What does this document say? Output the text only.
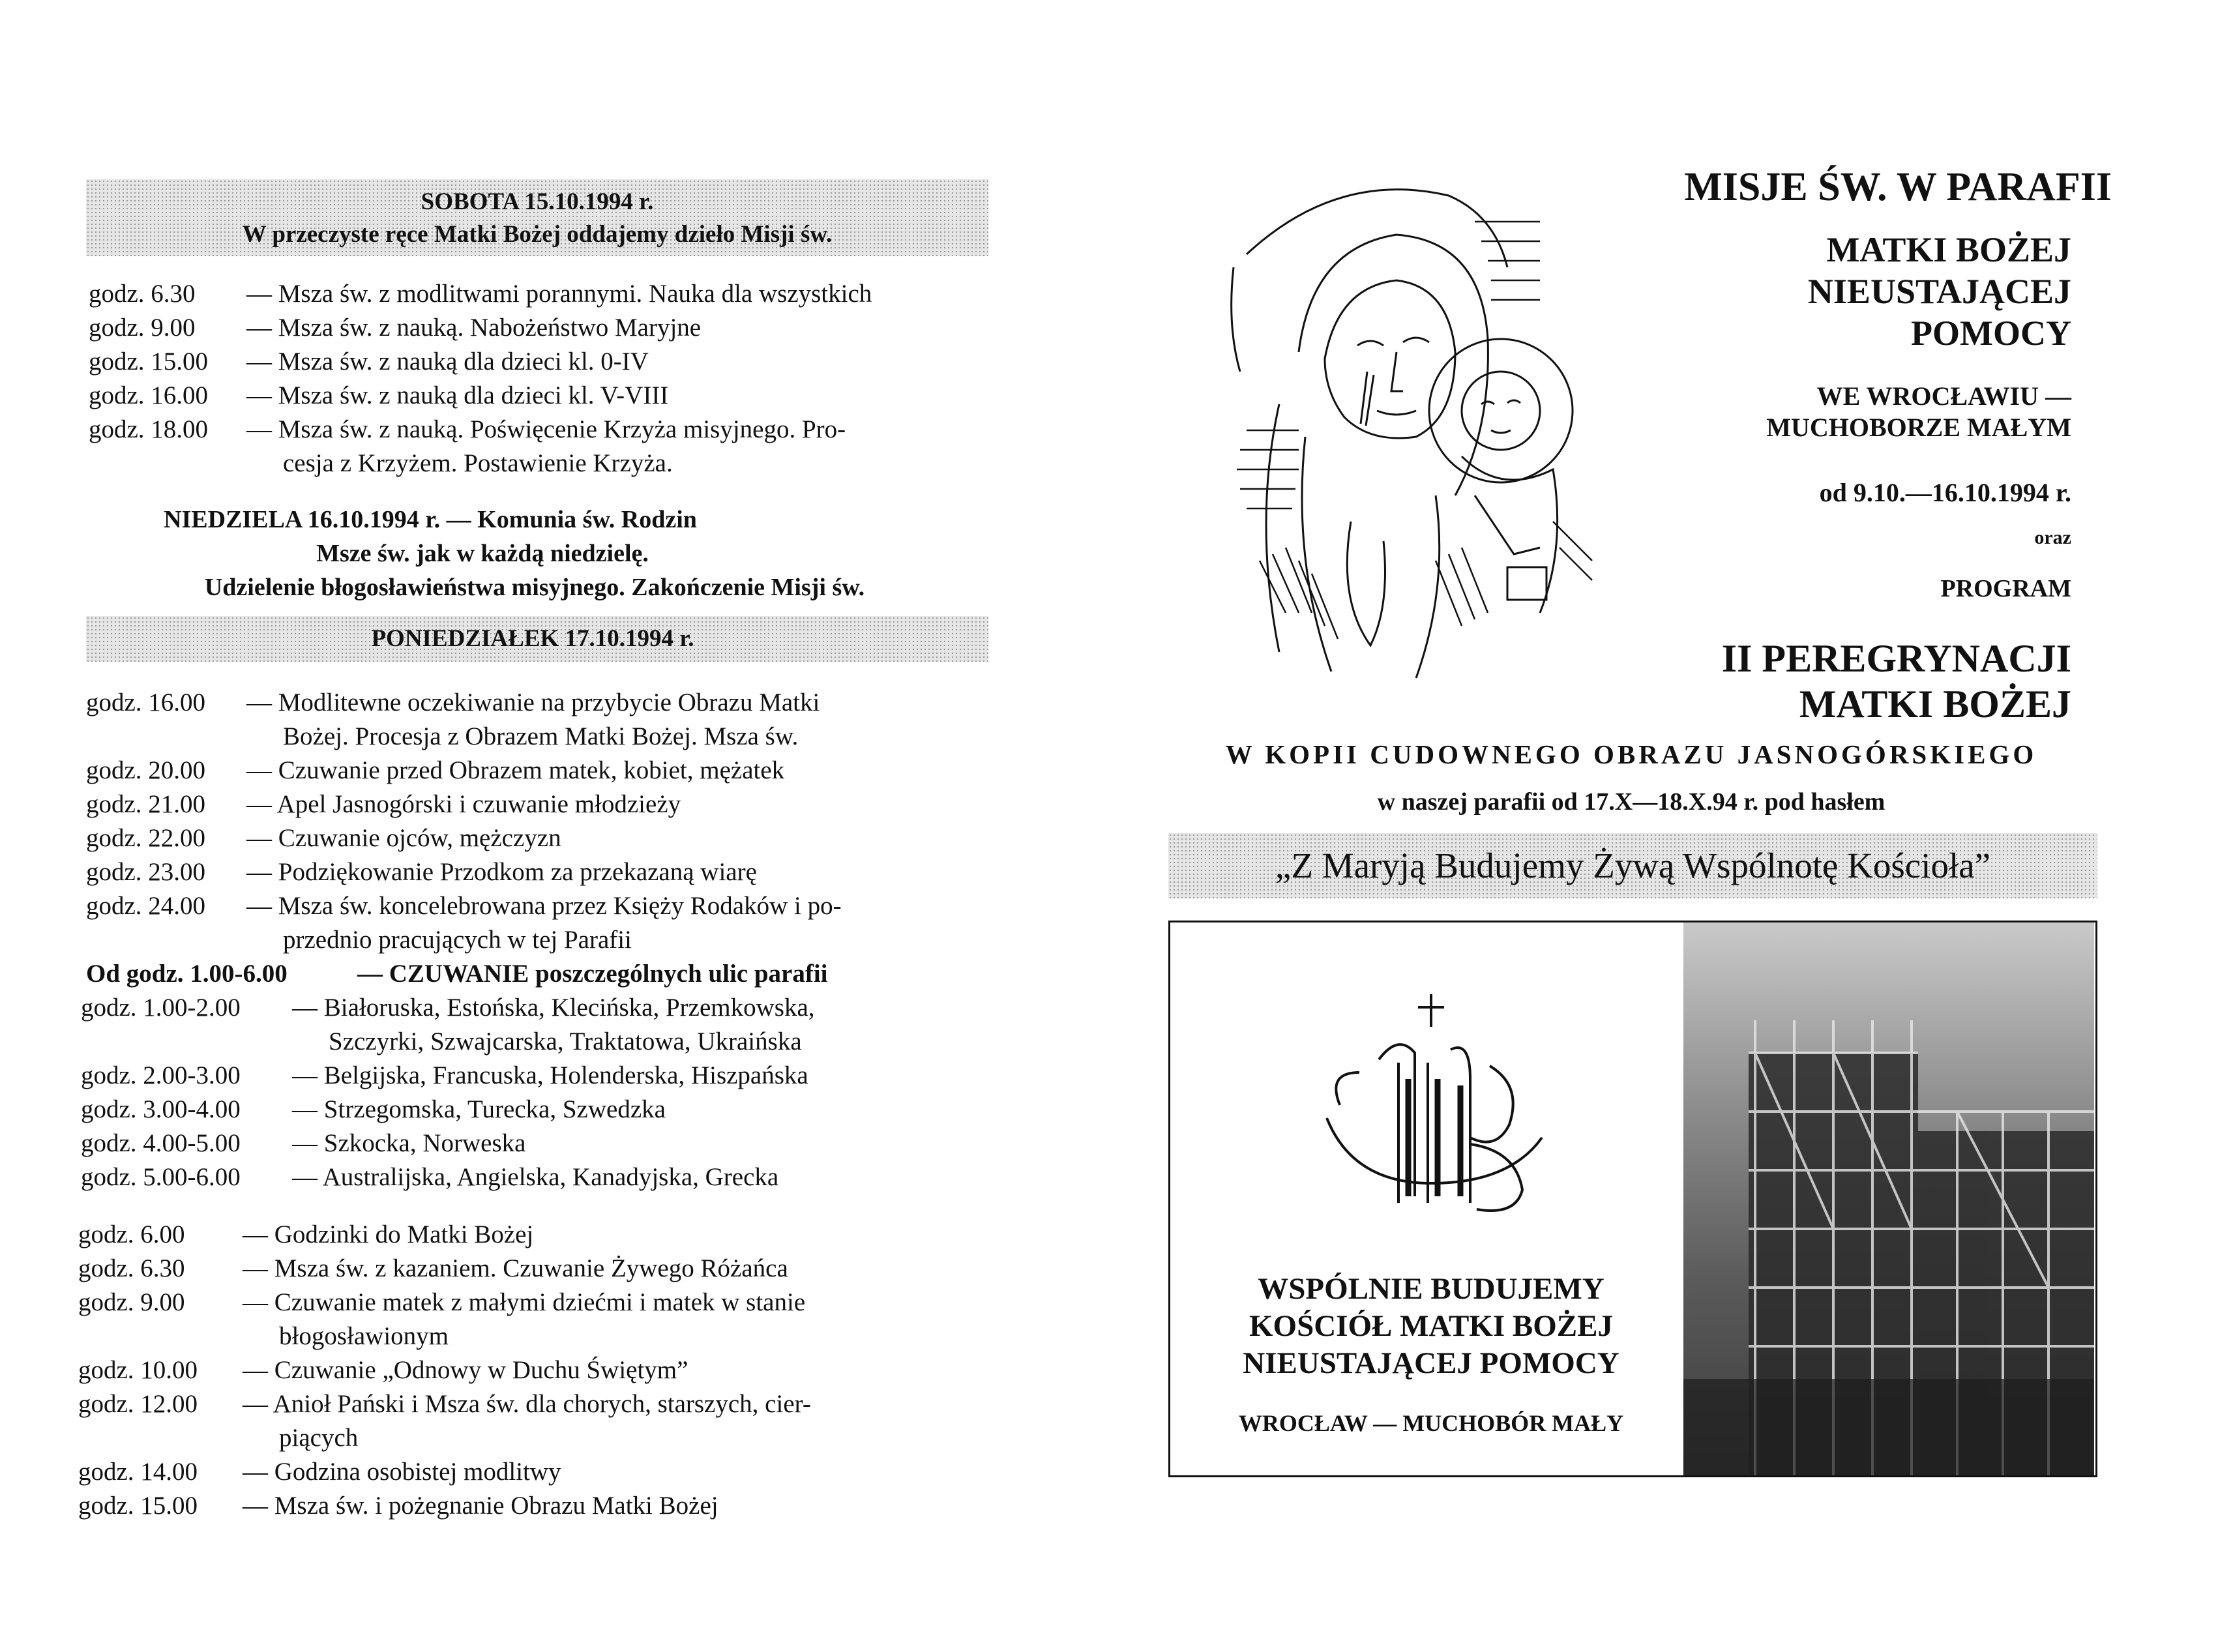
SOBOTA 15.10.1994 r.
W przeczyste ręce Matki Bożej oddajemy dzieło Misji św.
godz. 6.30 — Msza św. z modlitwami porannymi. Nauka dla wszystkich
godz. 9.00 — Msza św. z nauką. Nabożeństwo Maryjne
godz. 15.00 — Msza św. z nauką dla dzieci kl. 0-IV
godz. 16.00 — Msza św. z nauką dla dzieci kl. V-VIII
godz. 18.00 — Msza św. z nauką. Poświęcenie Krzyża misyjnego. Pro-
cesja z Krzyżem. Postawienie Krzyża.
NIEDZIELA 16.10.1994 r. — Komunia św. Rodzin
Msze św. jak w każdą niedzielę.
Udzielenie błogosławieństwa misyjnego. Zakończenie Misji św.
PONIEDZIAŁEK 17.10.1994 r.
godz. 16.00 — Modlitewne oczekiwanie na przybycie Obrazu Matki
Bożej. Procesja z Obrazem Matki Bożej. Msza św.
godz. 20.00 — Czuwanie przed Obrazem matek, kobiet, mężatek
godz. 21.00 — Apel Jasnogórski i czuwanie młodzieży
godz. 22.00 — Czuwanie ojców, mężczyzn
godz. 23.00 — Podziękowanie Przodkom za przekazaną wiarę
godz. 24.00 — Msza św. koncelebrowana przez Księży Rodaków i po-
przednio pracujących w tej Parafii
Od godz. 1.00-6.00	— CZUWANIE poszczególnych ulic parafii
godz. 1.00-2.00 — Białoruska, Estońska, Klecińska, Przemkowska,
Szczyrki, Szwajcarska, Traktatowa, Ukraińska
godz. 2.00-3.00 — Belgijska, Francuska, Holenderska, Hiszpańska
godz. 3.00-4.00 — Strzegomska, Turecka, Szwedzka
godz. 4.00-5.00 — Szkocka, Norweska
godz. 5.00-6.00 — Australijska, Angielska, Kanadyjska, Grecka
godz. 6.00 — Godzinki do Matki Bożej
godz. 6.30 — Msza św. z kazaniem. Czuwanie Żywego Różańca
godz. 9.00 — Czuwanie matek z małymi dziećmi i matek w stanie
błogosławionym
godz. 10.00 — Czuwanie „Odnowy w Duchu Świętym”
godz. 12.00 — Anioł Pański i Msza św. dla chorych, starszych, cier-
piących
godz. 14.00 — Godzina osobistej modlitwy
godz. 15.00 — Msza św. i pożegnanie Obrazu Matki Bożej
MISJE ŚW. W PARAFII
MATKI BOŻEJ
NIEUSTAJĄCEJ
POMOCY
WE WROCŁAWIU —
MUCHOBORZE MAŁYM
od 9.10.—16.10.1994 r.
oraz
PROGRAM
II PEREGRYNACJI
MATKI BOŻEJ
W KOPII CUDOWNEGO OBRAZU JASNOGÓRSKIEGO
w naszej parafii od 17.X—18.X.94 r. pod hasłem
„Z Maryją Budujemy Żywą Wspólnotę Kościoła”
WSPÓLNIE BUDUJEMY
KOŚCIÓŁ MATKI BOŻEJ
NIEUSTAJĄCEJ POMOCY
WROCŁAW — MUCHOBÓR MAŁY
